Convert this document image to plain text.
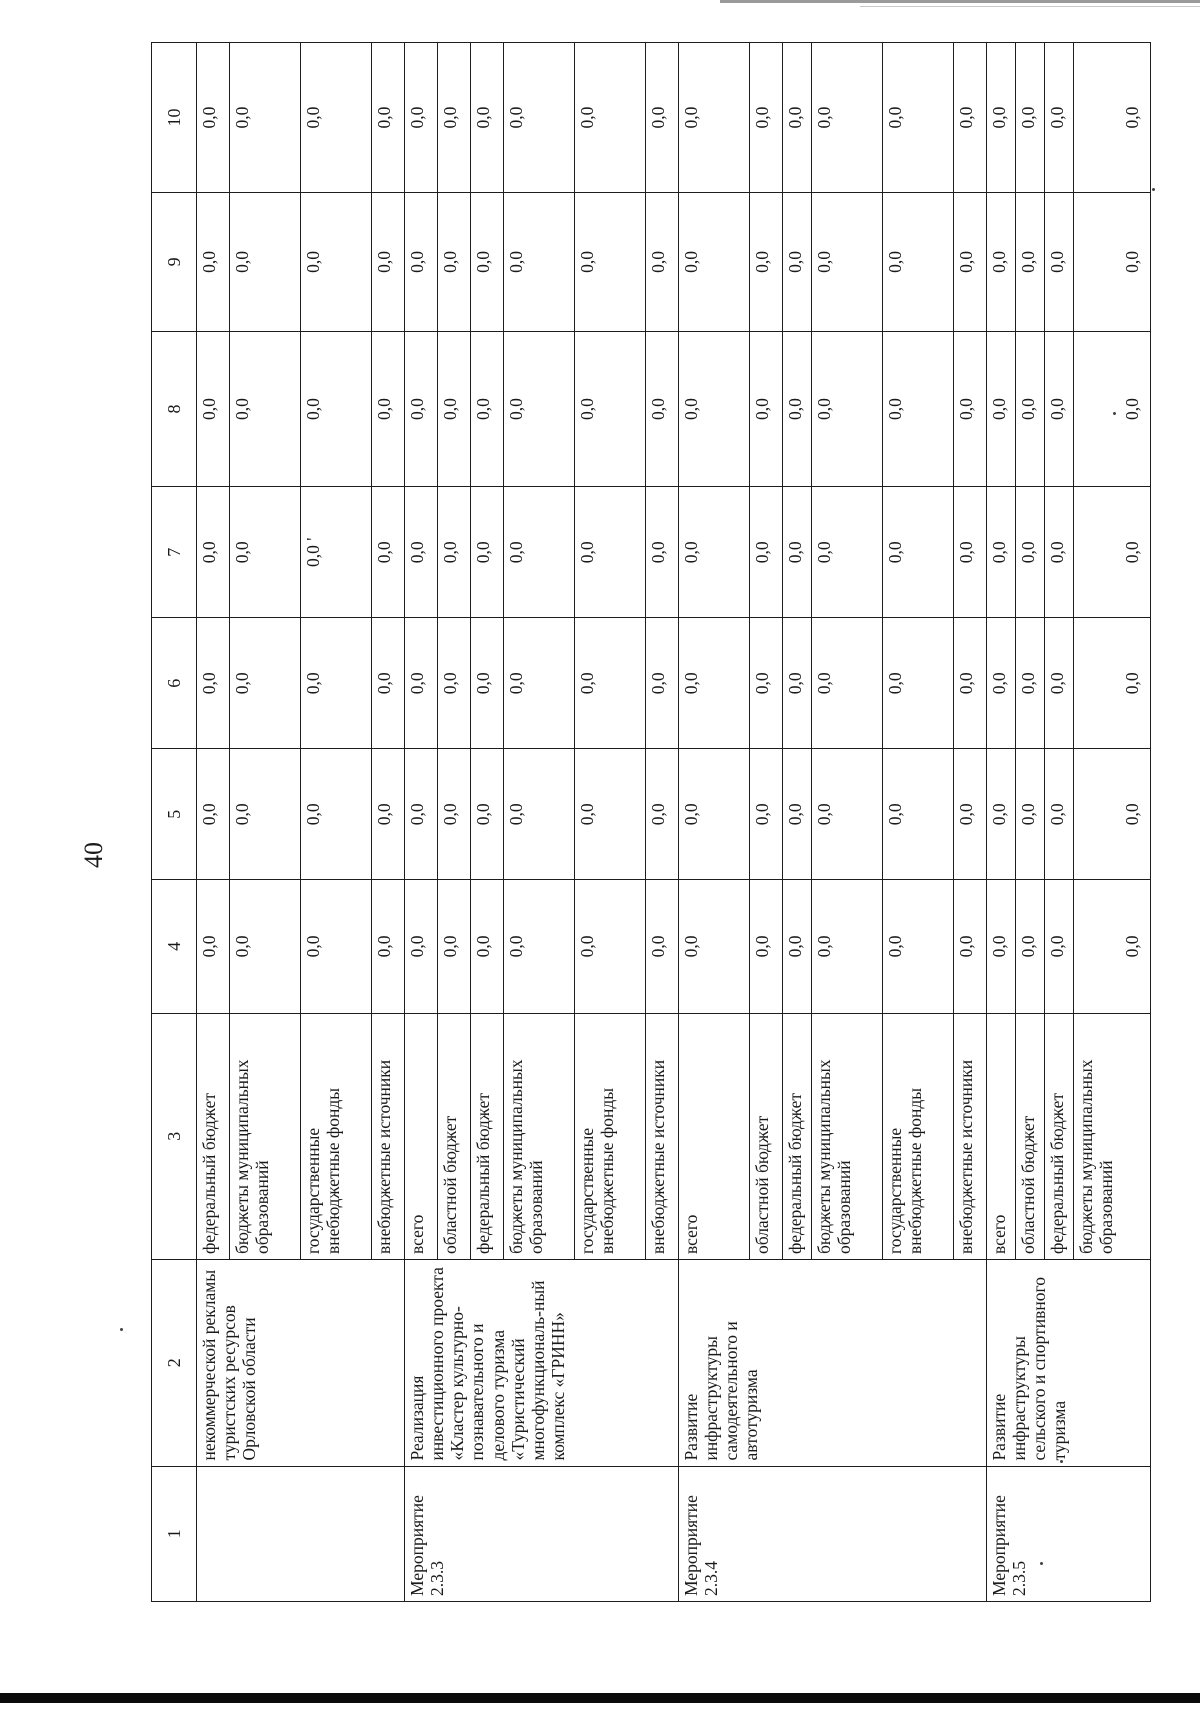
40
1	2	3	4	5	6	7	8	9	10
	некоммерческой рекламы туристских ресурсов Орловской области	федеральный бюджет	0,0	0,0	0,0	0,0	0,0	0,0	0,0
		бюджеты муниципальных образований	0,0	0,0	0,0	0,0	0,0	0,0	0,0
		государственные внебюджетные фонды	0,0	0,0	0,0	0,0 '	0,0	0,0	0,0
		внебюджетные источники	0,0	0,0	0,0	0,0	0,0	0,0	0,0
Мероприятие 2.3.3	Реализация инвестиционного проекта «Кластер культурно-познавательного и делового туризма «Туристический многофункциональ-ный комплекс «ГРИНН»	всего	0,0	0,0	0,0	0,0	0,0	0,0	0,0
		областной бюджет	0,0	0,0	0,0	0,0	0,0	0,0	0,0
		федеральный бюджет	0,0	0,0	0,0	0,0	0,0	0,0	0,0
		бюджеты муниципальных образований	0,0	0,0	0,0	0,0	0,0	0,0	0,0
		государственные внебюджетные фонды	0,0	0,0	0,0	0,0	0,0	0,0	0,0
		внебюджетные источники	0,0	0,0	0,0	0,0	0,0	0,0	0,0
Мероприятие 2.3.4	Развитие инфраструктуры самодеятельного и автотуризма	всего	0,0	0,0	0,0	0,0	0,0	0,0	0,0
		областной бюджет	0,0	0,0	0,0	0,0	0,0	0,0	0,0
		федеральный бюджет	0,0	0,0	0,0	0,0	0,0	0,0	0,0
		бюджеты муниципальных образований	0,0	0,0	0,0	0,0	0,0	0,0	0,0
		государственные внебюджетные фонды	0,0	0,0	0,0	0,0	0,0	0,0	0,0
		внебюджетные источники	0,0	0,0	0,0	0,0	0,0	0,0	0,0
Мероприятие 2.3.5	Развитие инфраструктуры сельского и спортивного туризма	всего	0,0	0,0	0,0	0,0	0,0	0,0	0,0
		областной бюджет	0,0	0,0	0,0	0,0	0,0	0,0	0,0
		федеральный бюджет	0,0	0,0	0,0	0,0	0,0	0,0	0,0
		бюджеты муниципальных образований	0,0	0,0	0,0	0,0	0,0	0,0	0,0
